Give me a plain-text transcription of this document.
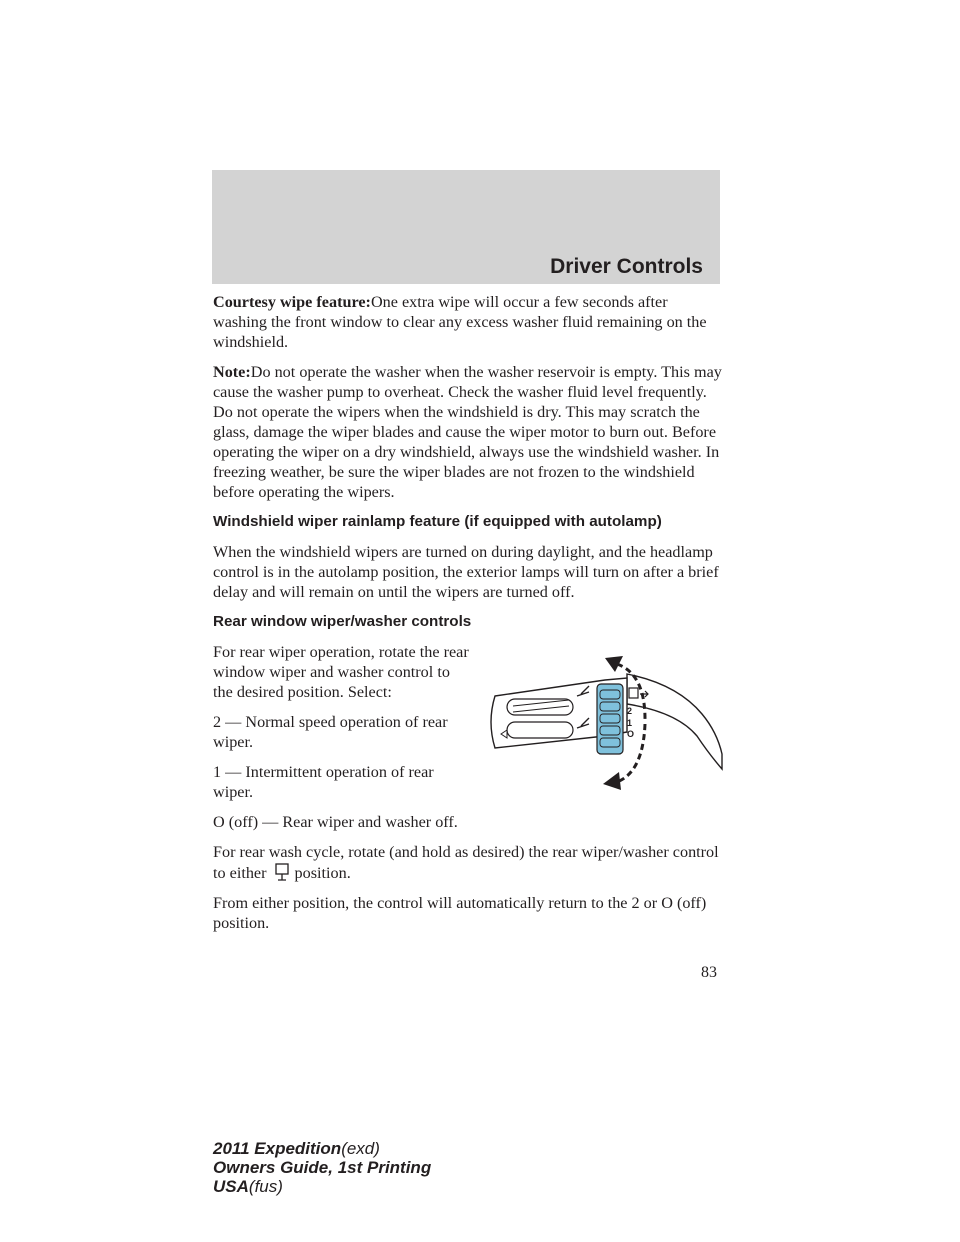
Driver Controls

Courtesy wipe feature:One extra wipe will occur a few seconds after washing the front window to clear any excess washer fluid remaining on the windshield.

Note:Do not operate the washer when the washer reservoir is empty. This may cause the washer pump to overheat. Check the washer fluid level frequently. Do not operate the wipers when the windshield is dry. This may scratch the glass, damage the wiper blades and cause the wiper motor to burn out. Before operating the wiper on a dry windshield, always use the windshield washer. In freezing weather, be sure the wiper blades are not frozen to the windshield before operating the wipers.

Windshield wiper rainlamp feature (if equipped with autolamp)

When the windshield wipers are turned on during daylight, and the headlamp control is in the autolamp position, the exterior lamps will turn on after a brief delay and will remain on until the wipers are turned off.

Rear window wiper/washer controls
2
1
O

For rear wiper operation, rotate the rear window wiper and washer control to the desired position. Select:

2 — Normal speed operation of rear wiper.

1 — Intermittent operation of rear wiper.

O (off) — Rear wiper and washer off.

For rear wash cycle, rotate (and hold as desired) the rear wiper/washer control to either position.

From either position, the control will automatically return to the 2 or O (off) position.

83
2011 Expedition(exd)
Owners Guide, 1st Printing
USA(fus)
